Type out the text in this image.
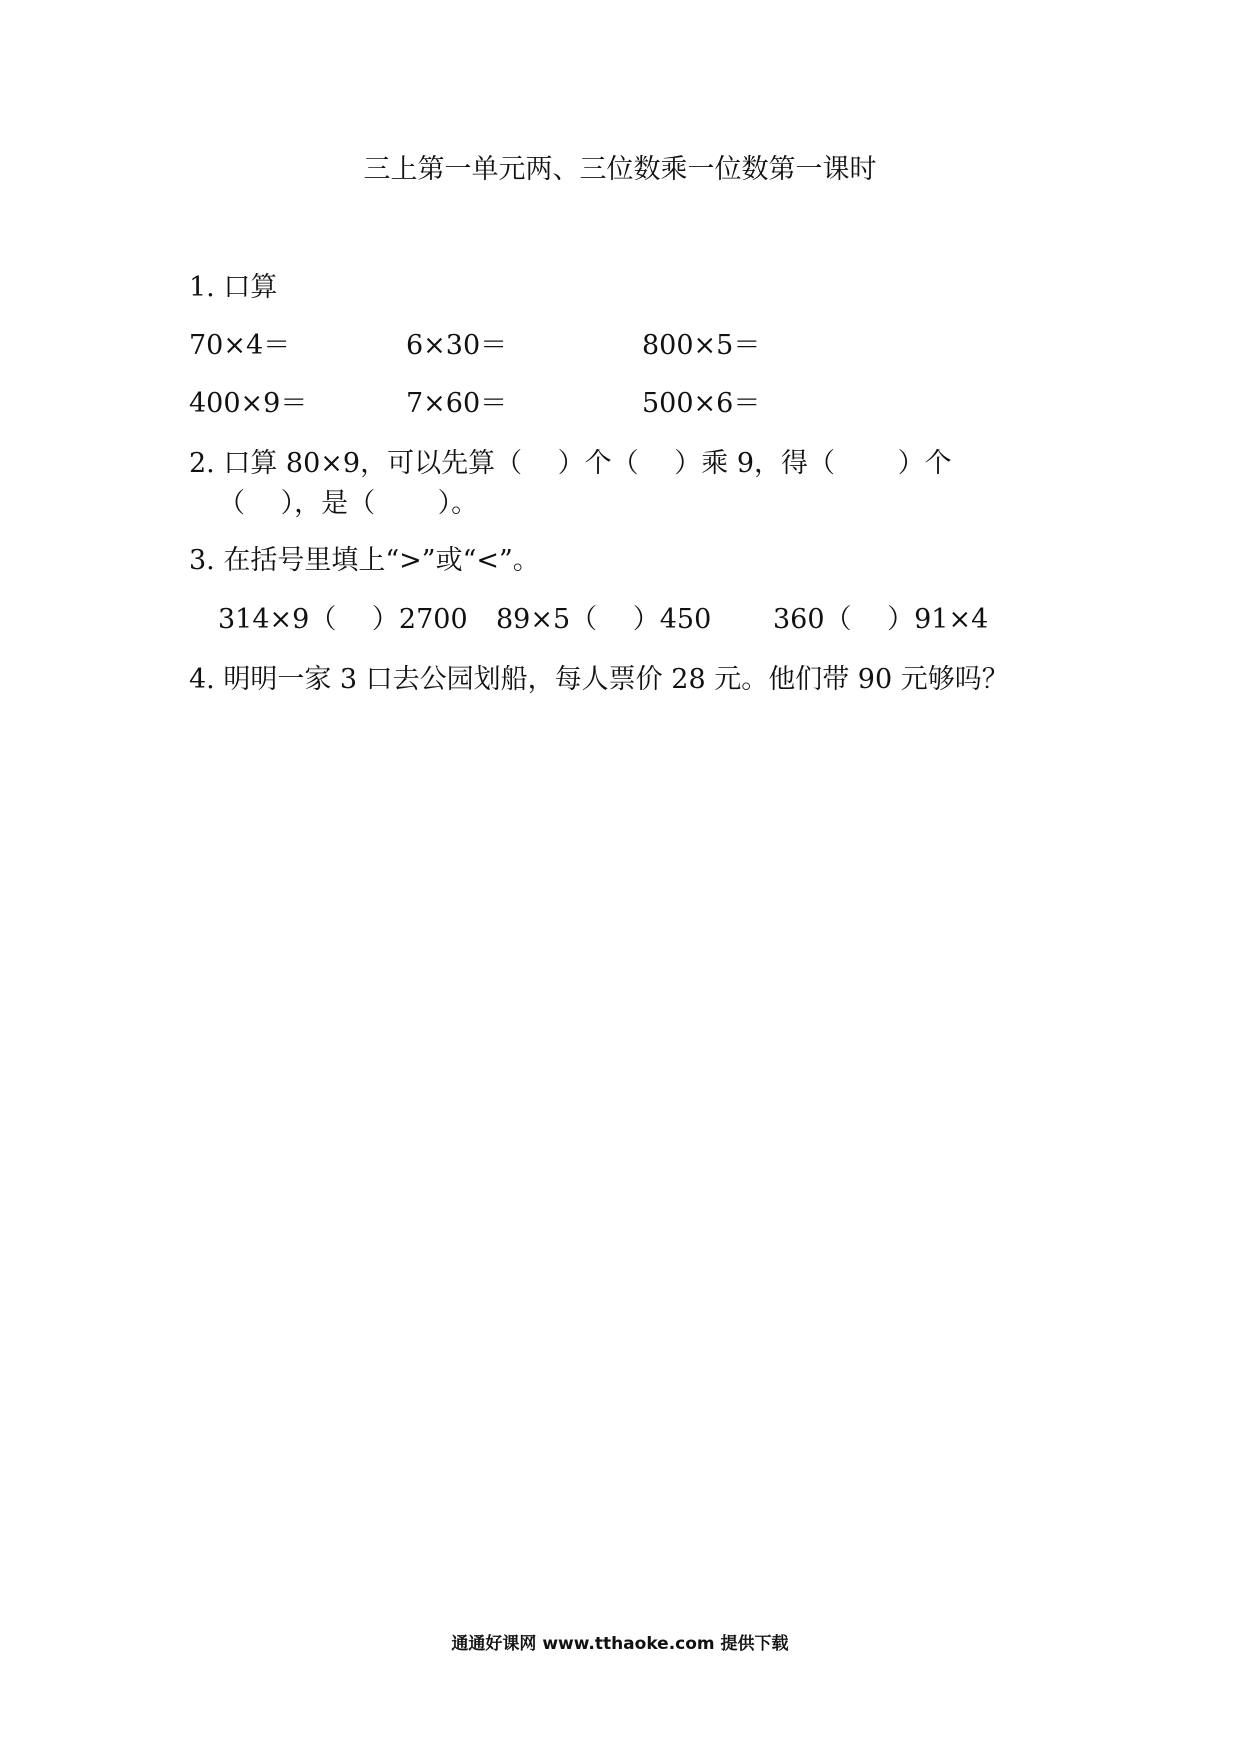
三上第一单元两、三位数乘一位数第一课时
1. 口算
70×4＝	6×30＝	800×5＝
400×9＝	7×60＝	500×6＝
2. 口算 80×9，可以先算（　 ）个（　 ）乘 9，得（　　 ）个
（　 ），是（　　 ）。
3. 在括号里填上“>”或“<”。
314×9（　 ）2700 89×5（　 ）450 360（　 ）91×4
4. 明明一家 3 口去公园划船，每人票价 28 元。他们带 90 元够吗？
通通好课网 www.tthaoke.com 提供下载
